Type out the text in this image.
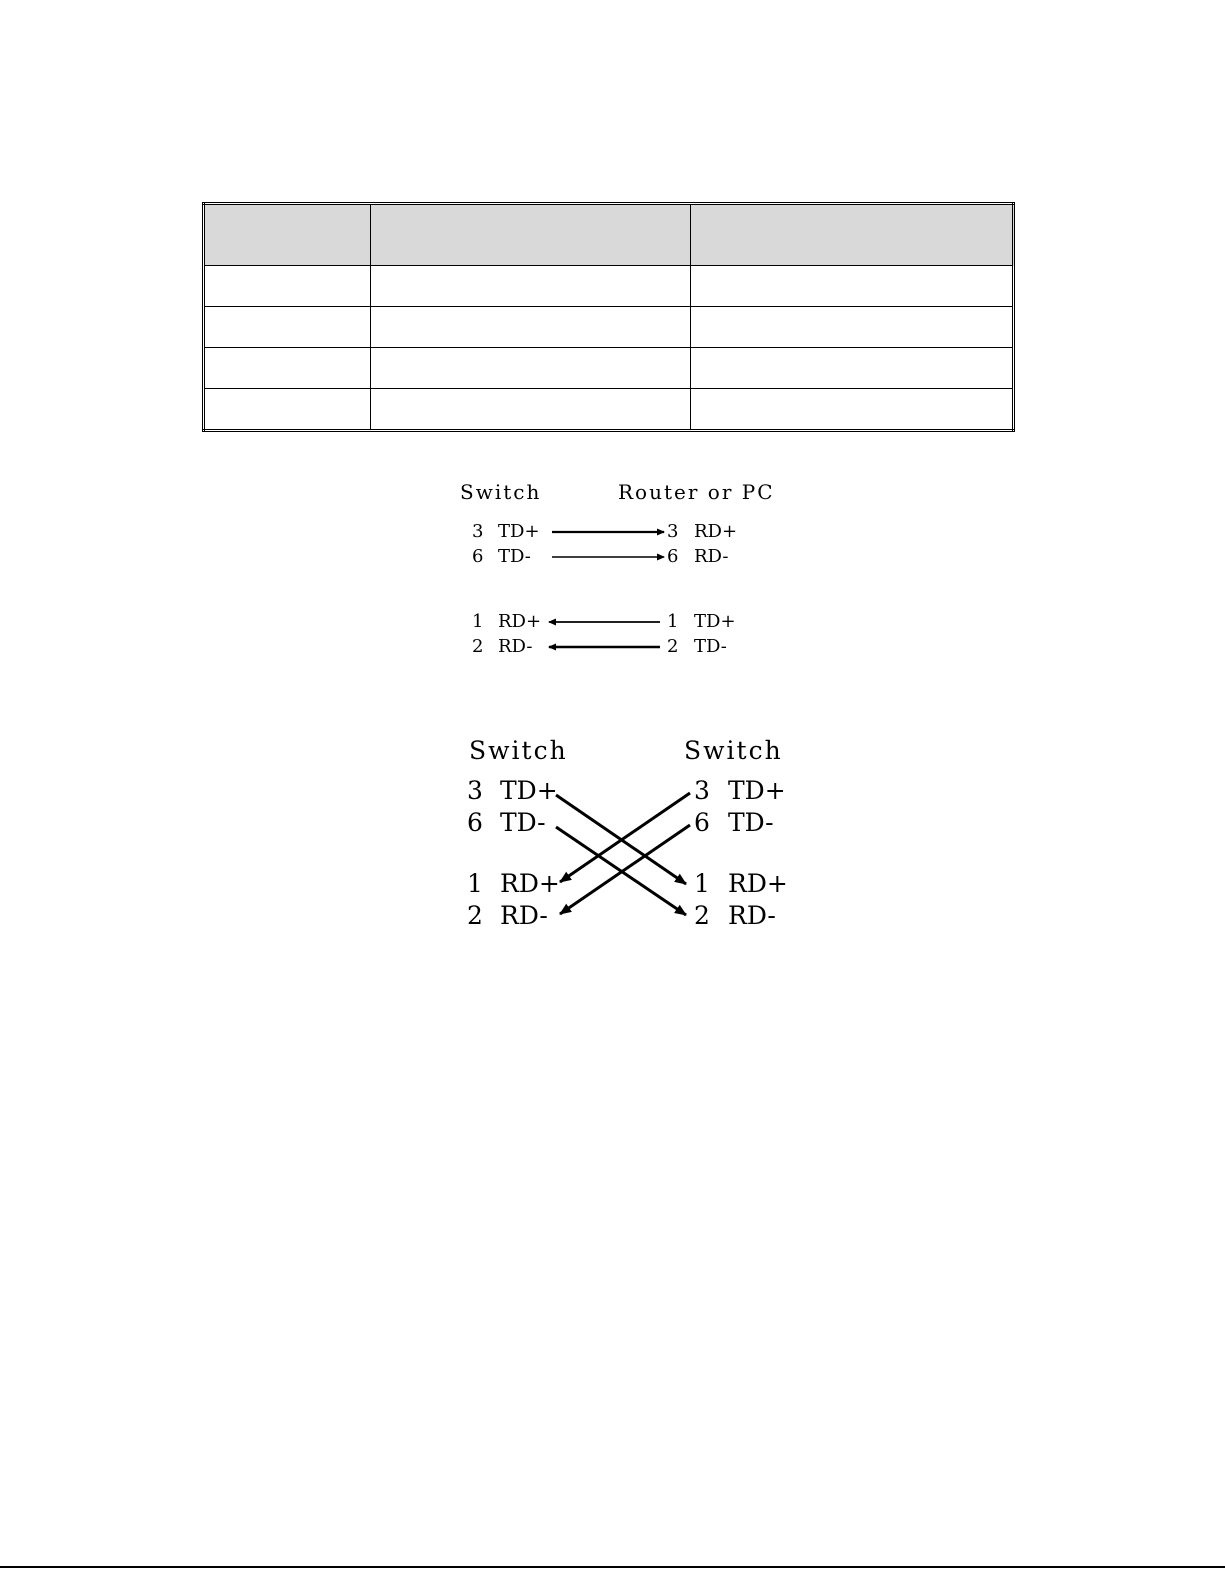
Switch	Router or PC
3 TD+	3 RD+
6 TD-	6 RD-
1 RD+	1 TD+
2 RD-	2 TD-
Switch	Switch
3 TD+
6 TD-
1 RD+
2 RD-
3 TD+
6 TD-
1 RD+
2 RD-
